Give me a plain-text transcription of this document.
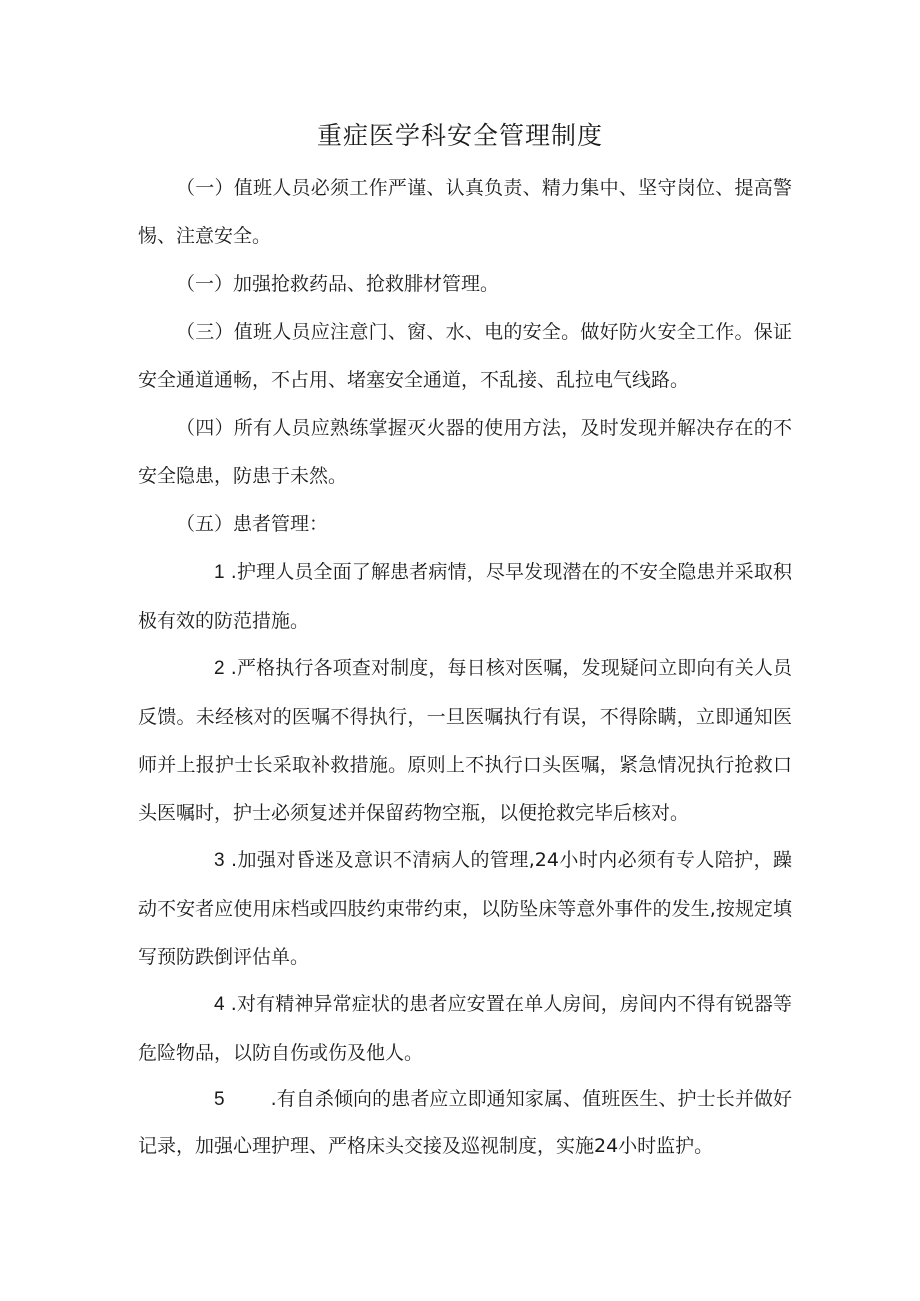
重症医学科安全管理制度

（一）值班人员必须工作严谨、认真负责、精力集中、坚守岗位、提高警惕、注意安全。

（一）加强抢救药品、抢救腓材管理。

（三）值班人员应注意门、窗、水、电的安全。做好防火安全工作。保证安全通道通畅，不占用、堵塞安全通道，不乱接、乱拉电气线路。

（四）所有人员应熟练掌握灭火器的使用方法，及时发现并解决存在的不安全隐患，防患于未然。

（五）患者管理：

1 .护理人员全面了解患者病情，尽早发现潜在的不安全隐患并采取积极有效的防范措施。

2 .严格执行各项查对制度，每日核对医嘱，发现疑问立即向有关人员反馈。未经核对的医嘱不得执行，一旦医嘱执行有误，不得除瞒，立即通知医师并上报护士长采取补救措施。原则上不执行口头医嘱，紧急情况执行抢救口头医嘱时，护士必须复述并保留药物空瓶，以便抢救完毕后核对。

3 .加强对昏迷及意识不清病人的管理,24小时内必须有专人陪护，躁动不安者应使用床档或四肢约束带约束，以防坠床等意外事件的发生,按规定填写预防跌倒评估单。

4 .对有精神异常症状的患者应安置在单人房间，房间内不得有锐器等危险物品，以防自伤或伤及他人。

5 .有自杀倾向的患者应立即通知家属、值班医生、护士长并做好记录，加强心理护理、严格床头交接及巡视制度，实施24小时监护。
